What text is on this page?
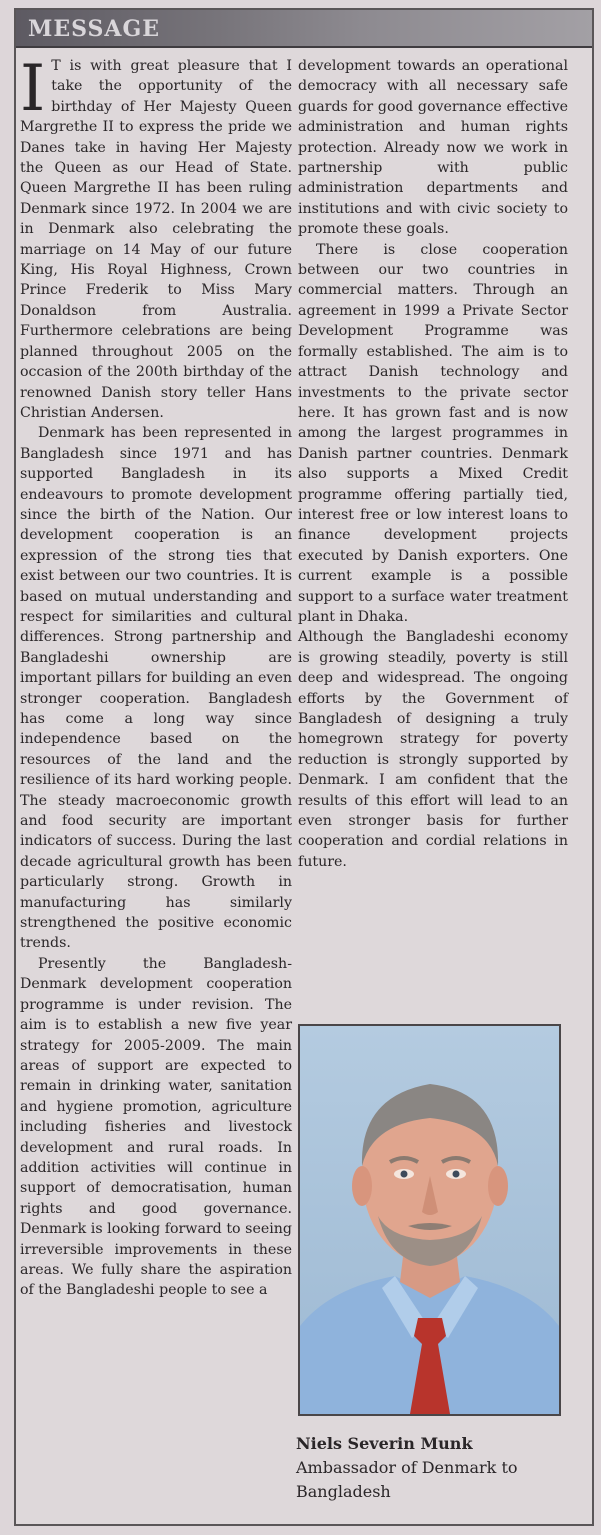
MESSAGE

I T is with great pleasure that I take the opportunity of the birthday of Her Majesty Queen Margrethe II to express the pride we Danes take in having Her Majesty the Queen as our Head of State. Queen Margrethe II has been ruling Denmark since 1972. In 2004 we are in Denmark also celebrating the marriage on 14 May of our future King, His Royal Highness, Crown Prince Frederik to Miss Mary Donaldson from Australia. Furthermore celebrations are being planned throughout 2005 on the occasion of the 200th birthday of the renowned Danish story teller Hans Christian Andersen.

Denmark has been represented in Bangladesh since 1971 and has supported Bangladesh in its endeavours to promote development since the birth of the Nation. Our development cooperation is an expression of the strong ties that exist between our two countries. It is based on mutual understanding and respect for similarities and cultural differences. Strong partnership and Bangladeshi ownership are important pillars for building an even stronger cooperation. Bangladesh has come a long way since independence based on the resources of the land and the resilience of its hard working people. The steady macroeconomic growth and food security are important indicators of success. During the last decade agricultural growth has been particularly strong. Growth in manufacturing has similarly strengthened the positive economic trends.

Presently the Bangladesh-Denmark development cooperation programme is under revision. The aim is to establish a new five year strategy for 2005-2009. The main areas of support are expected to remain in drinking water, sanitation and hygiene promotion, agriculture including fisheries and livestock development and rural roads. In addition activities will continue in support of democratisation, human rights and good governance. Denmark is looking forward to seeing irreversible improvements in these areas. We fully share the aspiration of the Bangladeshi people to see a

development towards an operational democracy with all necessary safe guards for good governance effective administration and human rights protection. Already now we work in partnership with public administration departments and institutions and with civic society to promote these goals.

There is close cooperation between our two countries in commercial matters. Through an agreement in 1999 a Private Sector Development Programme was formally established. The aim is to attract Danish technology and investments to the private sector here. It has grown fast and is now among the largest programmes in Danish partner countries. Denmark also supports a Mixed Credit programme offering partially tied, interest free or low interest loans to finance development projects executed by Danish exporters. One current example is a possible support to a surface water treatment plant in Dhaka.

Although the Bangladeshi economy is growing steadily, poverty is still deep and widespread. The ongoing efforts by the Government of Bangladesh of designing a truly homegrown strategy for poverty reduction is strongly supported by Denmark. I am confident that the results of this effort will lead to an even stronger basis for further cooperation and cordial relations in future.

Niels Severin Munk
Ambassador of Denmark to Bangladesh
